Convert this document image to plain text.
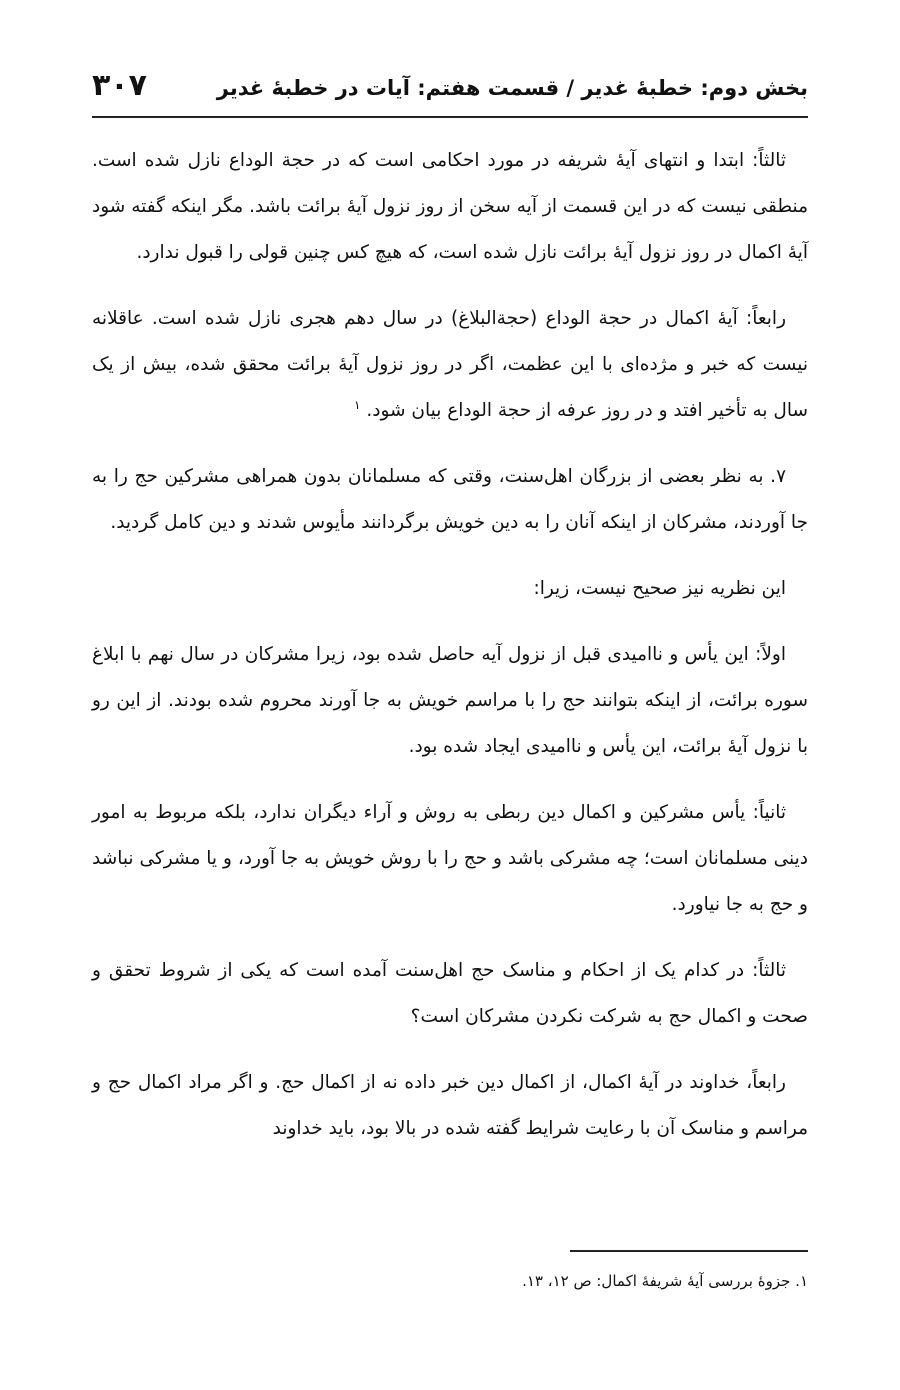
بخش دوم: خطبۀ غدیر / قسمت هفتم: آیات در خطبۀ غدیر
۳۰۷

ثالثاً: ابتدا و انتهای آیۀ شریفه در مورد احکامی است که در حجة الوداع نازل شده است. منطقی نیست که در این قسمت از آیه سخن از روز نزول آیۀ برائت باشد. مگر اینکه گفته شود آیۀ اکمال در روز نزول آیۀ برائت نازل شده است، که هیچ کس چنین قولی را قبول ندارد.

رابعاً: آیۀ اکمال در حجة الوداع (حجةالبلاغ) در سال دهم هجری نازل شده است. عاقلانه نیست که خبر و مژده‌ای با این عظمت، اگر در روز نزول آیۀ برائت محقق شده، بیش از یک سال به تأخیر افتد و در روز عرفه از حجة الوداع بیان شود. $^۱$

۷. به نظر بعضی از بزرگان اهل‌سنت، وقتی که مسلمانان بدون همراهی مشرکین حج را به جا آوردند، مشرکان از اینکه آنان را به دین خویش برگردانند مأیوس شدند و دین کامل گردید.

این نظریه نیز صحیح نیست، زیرا:

اولاً: این یأس و ناامیدی قبل از نزول آیه حاصل شده بود، زیرا مشرکان در سال نهم با ابلاغ سوره برائت، از اینکه بتوانند حج را با مراسم خویش به جا آورند محروم شده بودند. از این رو با نزول آیۀ برائت، این یأس و ناامیدی ایجاد شده بود.

ثانیاً: یأس مشرکین و اکمال دین ربطی به روش و آراء دیگران ندارد، بلکه مربوط به امور دینی مسلمانان است؛ چه مشرکی باشد و حج را با روش خویش به جا آورد، و یا مشرکی نباشد و حج به جا نیاورد.

ثالثاً: در کدام یک از احکام و مناسک حج اهل‌سنت آمده است که یکی از شروط تحقق و صحت و اکمال حج به شرکت نکردن مشرکان است؟

رابعاً، خداوند در آیۀ اکمال، از اکمال دین خبر داده نه از اکمال حج. و اگر مراد اکمال حج و مراسم و مناسک آن با رعایت شرایط گفته شده در بالا بود، باید خداوند

۱. جزوۀ بررسی آیۀ شریفۀ اکمال: ص ۱۲، ۱۳.
